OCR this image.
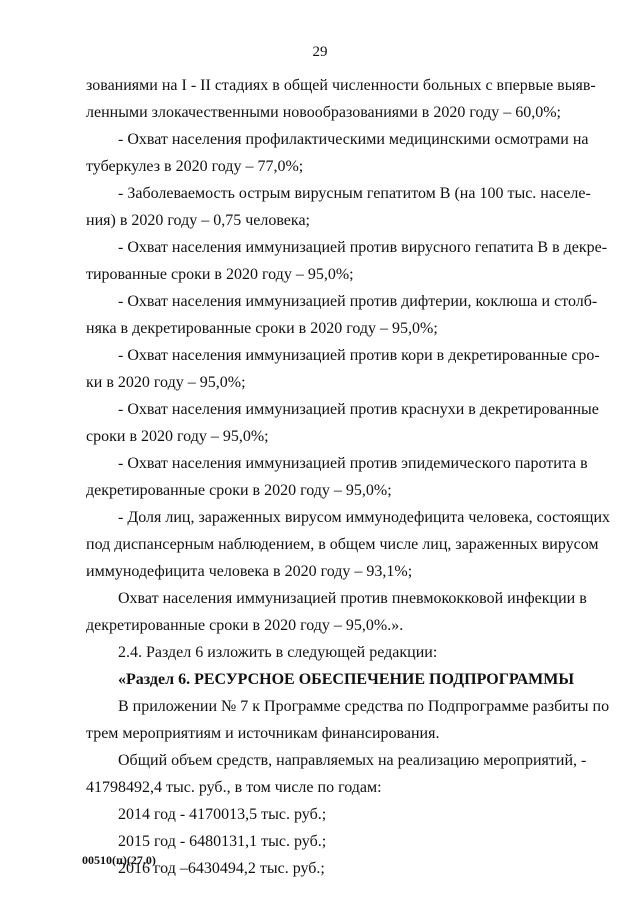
29
зованиями на I - II стадиях в общей численности больных с впервые выяв-
ленными злокачественными новообразованиями в 2020 году – 60,0%;
- Охват населения профилактическими медицинскими осмотрами на
туберкулез в 2020 году – 77,0%;
- Заболеваемость острым вирусным гепатитом В (на 100 тыс. населе-
ния) в 2020 году – 0,75 человека;
- Охват населения иммунизацией против вирусного гепатита В в декре-
тированные сроки в 2020 году – 95,0%;
- Охват населения иммунизацией против дифтерии, коклюша и столб-
няка в декретированные сроки в 2020 году – 95,0%;
- Охват населения иммунизацией против кори в декретированные сро-
ки в 2020 году – 95,0%;
- Охват населения иммунизацией против краснухи в декретированные
сроки в 2020 году – 95,0%;
- Охват населения иммунизацией против эпидемического паротита в
декретированные сроки в 2020 году – 95,0%;
- Доля лиц, зараженных вирусом иммунодефицита человека, состоящих
под диспансерным наблюдением, в общем числе лиц, зараженных вирусом
иммунодефицита человека в 2020 году – 93,1%;
Охват населения иммунизацией против пневмококковой инфекции в
декретированные сроки в 2020 году – 95,0%.».
2.4. Раздел 6 изложить в следующей редакции:
«Раздел 6. РЕСУРСНОЕ ОБЕСПЕЧЕНИЕ ПОДПРОГРАММЫ
В приложении № 7 к Программе средства по Подпрограмме разбиты по
трем мероприятиям и источникам финансирования.
Общий объем средств, направляемых на реализацию мероприятий, -
41798492,4 тыс. руб., в том числе по годам:
2014 год - 4170013,5 тыс. руб.;
2015 год - 6480131,1 тыс. руб.;
2016 год –6430494,2 тыс. руб.;
00510(п)(27.0)
